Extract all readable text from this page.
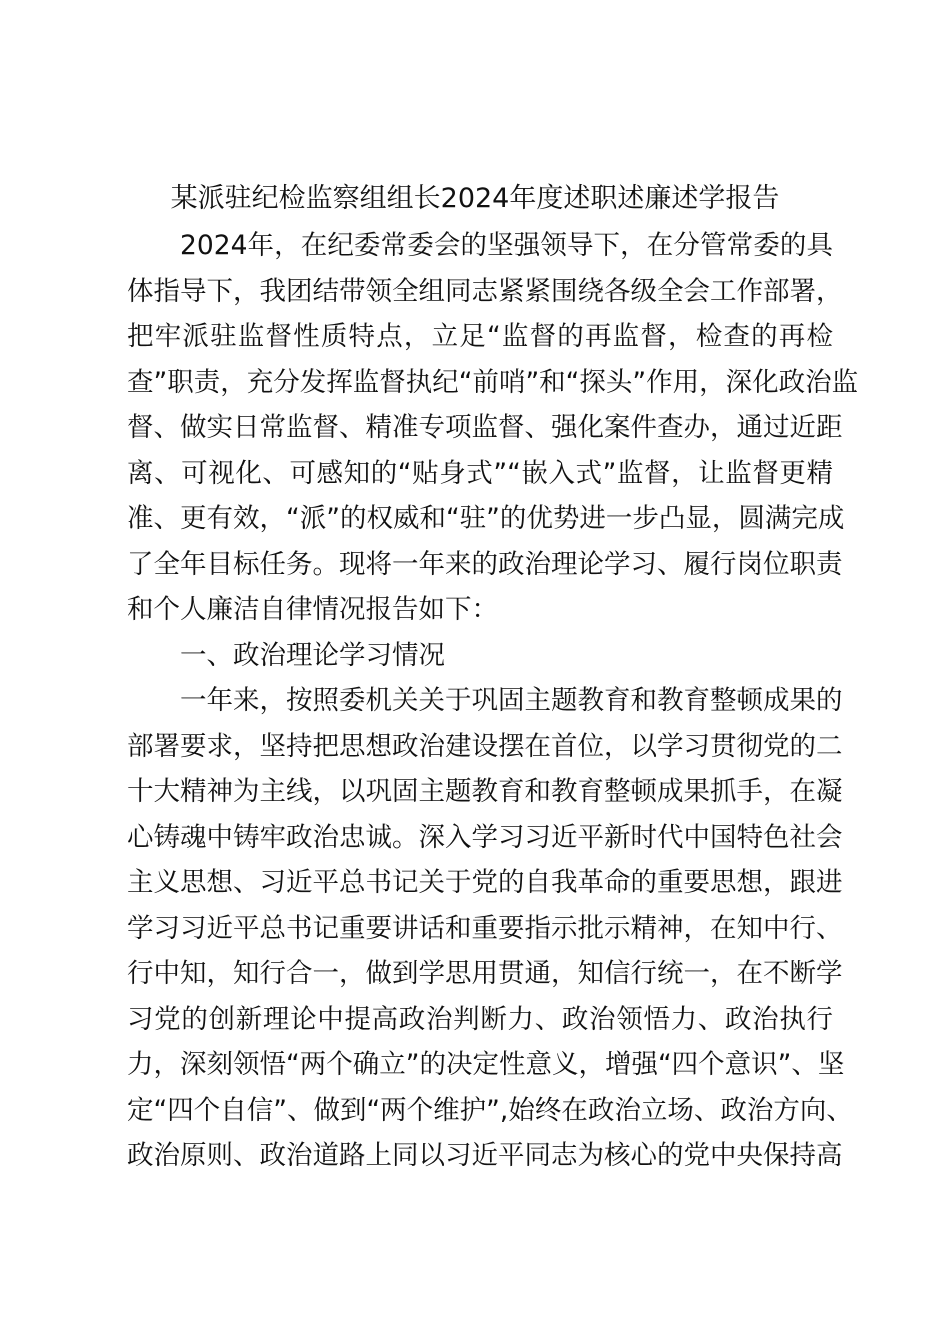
某派驻纪检监察组组长2024年度述职述廉述学报告
2024年，在纪委常委会的坚强领导下，在分管常委的具
体指导下，我团结带领全组同志紧紧围绕各级全会工作部署，
把牢派驻监督性质特点，立足“监督的再监督，检查的再检
查”职责，充分发挥监督执纪“前哨”和“探头”作用，深化政治监
督、做实日常监督、精准专项监督、强化案件查办，通过近距
离、可视化、可感知的“贴身式”“嵌入式”监督，让监督更精
准、更有效，“派”的权威和“驻”的优势进一步凸显，圆满完成
了全年目标任务。现将一年来的政治理论学习、履行岗位职责
和个人廉洁自律情况报告如下：
一、政治理论学习情况
一年来，按照委机关关于巩固主题教育和教育整顿成果的
部署要求，坚持把思想政治建设摆在首位，以学习贯彻党的二
十大精神为主线，以巩固主题教育和教育整顿成果抓手，在凝
心铸魂中铸牢政治忠诚。深入学习习近平新时代中国特色社会
主义思想、习近平总书记关于党的自我革命的重要思想，跟进
学习习近平总书记重要讲话和重要指示批示精神，在知中行、
行中知，知行合一，做到学思用贯通，知信行统一，在不断学
习党的创新理论中提高政治判断力、政治领悟力、政治执行
力，深刻领悟“两个确立”的决定性意义，增强“四个意识”、坚
定“四个自信”、做到“两个维护”,始终在政治立场、政治方向、
政治原则、政治道路上同以习近平同志为核心的党中央保持高
